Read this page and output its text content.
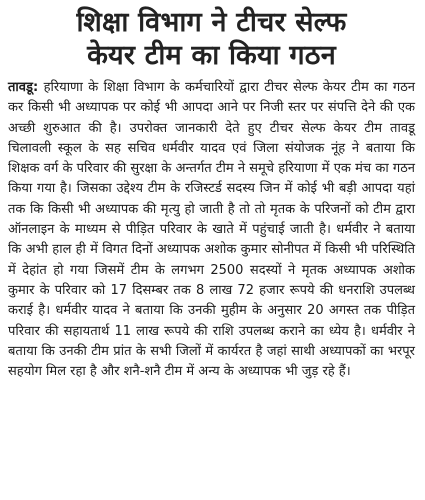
शिक्षा विभाग ने टीचर सेल्फ
केयर टीम का किया गठन

तावडू: हरियाणा के शिक्षा विभाग के कर्मचारियों द्वारा टीचर सेल्फ केयर टीम का गठन कर किसी भी अध्यापक पर कोई भी आपदा आने पर निजी स्तर पर संपत्ति देने की एक अच्छी शुरुआत की है। उपरोक्त जानकारी देते हुए टीचर सेल्फ केयर टीम तावडू चिलावली स्कूल के सह सचिव धर्मवीर यादव एवं जिला संयोजक नूंह ने बताया कि शिक्षक वर्ग के परिवार की सुरक्षा के अन्तर्गत टीम ने समूचे हरियाणा में एक मंच का गठन किया गया है। जिसका उद्देश्य टीम के रजिस्टर्ड सदस्य जिन में कोई भी बड़ी आपदा यहां तक कि किसी भी अध्यापक की मृत्यु हो जाती है तो तो मृतक के परिजनों को टीम द्वारा ऑनलाइन के माध्यम से पीड़ित परिवार के खाते में पहुंचाई जाती है। धर्मवीर ने बताया कि अभी हाल ही में विगत दिनों अध्यापक अशोक कुमार सोनीपत में किसी भी परिस्थिति में देहांत हो गया जिसमें टीम के लगभग 2500 सदस्यों ने मृतक अध्यापक अशोक कुमार के परिवार को 17 दिसम्बर तक 8 लाख 72 हजार रूपये की धनराशि उपलब्ध कराई है। धर्मवीर यादव ने बताया कि उनकी मुहीम के अनुसार 20 अगस्त तक पीड़ित परिवार की सहायतार्थ 11 लाख रूपये की राशि उपलब्ध कराने का ध्येय है। धर्मवीर ने बताया कि उनकी टीम प्रांत के सभी जिलों में कार्यरत है जहां साथी अध्यापकों का भरपूर सहयोग मिल रहा है और शनै-शनै टीम में अन्य के अध्यापक भी जुड़ रहे हैं।
